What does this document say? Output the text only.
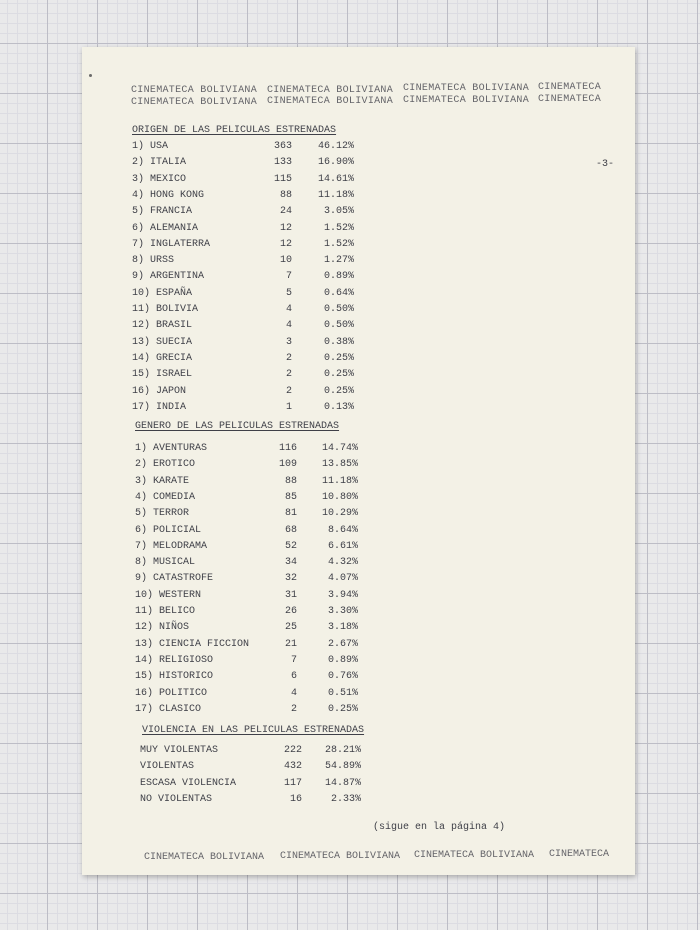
CINEMATECA BOLIVIANA CINEMATECA BOLIVIANA CINEMATECA BOLIVIANA CINEMATECA
CINEMATECA BOLIVIANA CINEMATECA BOLIVIANA CINEMATECA BOLIVIANA CINEMATECA
-3-
ORIGEN DE LAS PELICULAS ESTRENADAS
GENERO DE LAS PELICULAS ESTRENADAS
VIOLENCIA EN LAS PELICULAS ESTRENADAS
1) USA	363	46.12%
2) ITALIA	133	16.90%
3) MEXICO	115	14.61%
4) HONG KONG	88	11.18%
5) FRANCIA	24	3.05%
6) ALEMANIA	12	1.52%
7) INGLATERRA	12	1.52%
8) URSS	10	1.27%
9) ARGENTINA	7	0.89%
10) ESPAÑA	5	0.64%
11) BOLIVIA	4	0.50%
12) BRASIL	4	0.50%
13) SUECIA	3	0.38%
14) GRECIA	2	0.25%
15) ISRAEL	2	0.25%
16) JAPON	2	0.25%
17) INDIA	1	0.13%
1) AVENTURAS	116	14.74%
2) EROTICO	109	13.85%
3) KARATE	88	11.18%
4) COMEDIA	85	10.80%
5) TERROR	81	10.29%
6) POLICIAL	68	8.64%
7) MELODRAMA	52	6.61%
8) MUSICAL	34	4.32%
9) CATASTROFE	32	4.07%
10) WESTERN	31	3.94%
11) BELICO	26	3.30%
12) NIÑOS	25	3.18%
13) CIENCIA FICCION	21	2.67%
14) RELIGIOSO	7	0.89%
15) HISTORICO	6	0.76%
16) POLITICO	4	0.51%
17) CLASICO	2	0.25%
MUY VIOLENTAS	222	28.21%
VIOLENTAS	432	54.89%
ESCASA VIOLENCIA	117	14.87%
NO VIOLENTAS	16	2.33%
(sigue en la página 4)
CINEMATECA BOLIVIANA CINEMATECA BOLIVIANA CINEMATECA BOLIVIANA CINEMATECA
